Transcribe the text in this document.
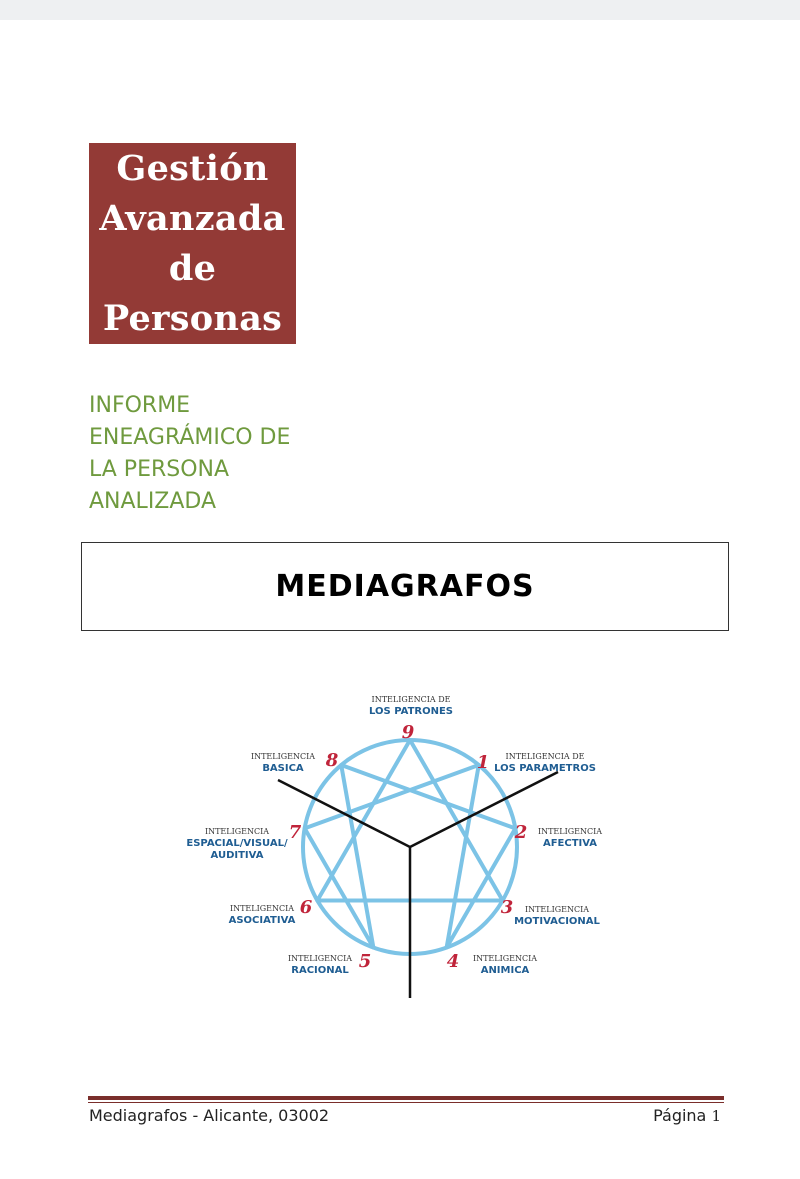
Gestión
Avanzada
de
Personas
INFORME
ENEAGRÁMICO DE
LA PERSONA
ANALIZADA
MEDIAGRAFOS
9
INTELIGENCIA DE
LOS PATRONES
1 INTELIGENCIA DE
LOS PARAMETROS
2 INTELIGENCIA
AFECTIVA
3 INTELIGENCIA
MOTIVACIONAL
4 INTELIGENCIA
ANIMICA
5
INTELIGENCIA
RACIONAL
6
INTELIGENCIA
ASOCIATIVA
7
INTELIGENCIA
ESPACIAL/VISUAL/
AUDITIVA
8
INTELIGENCIA
BASICA
Mediagrafos - Alicante, 03002	Página 1
